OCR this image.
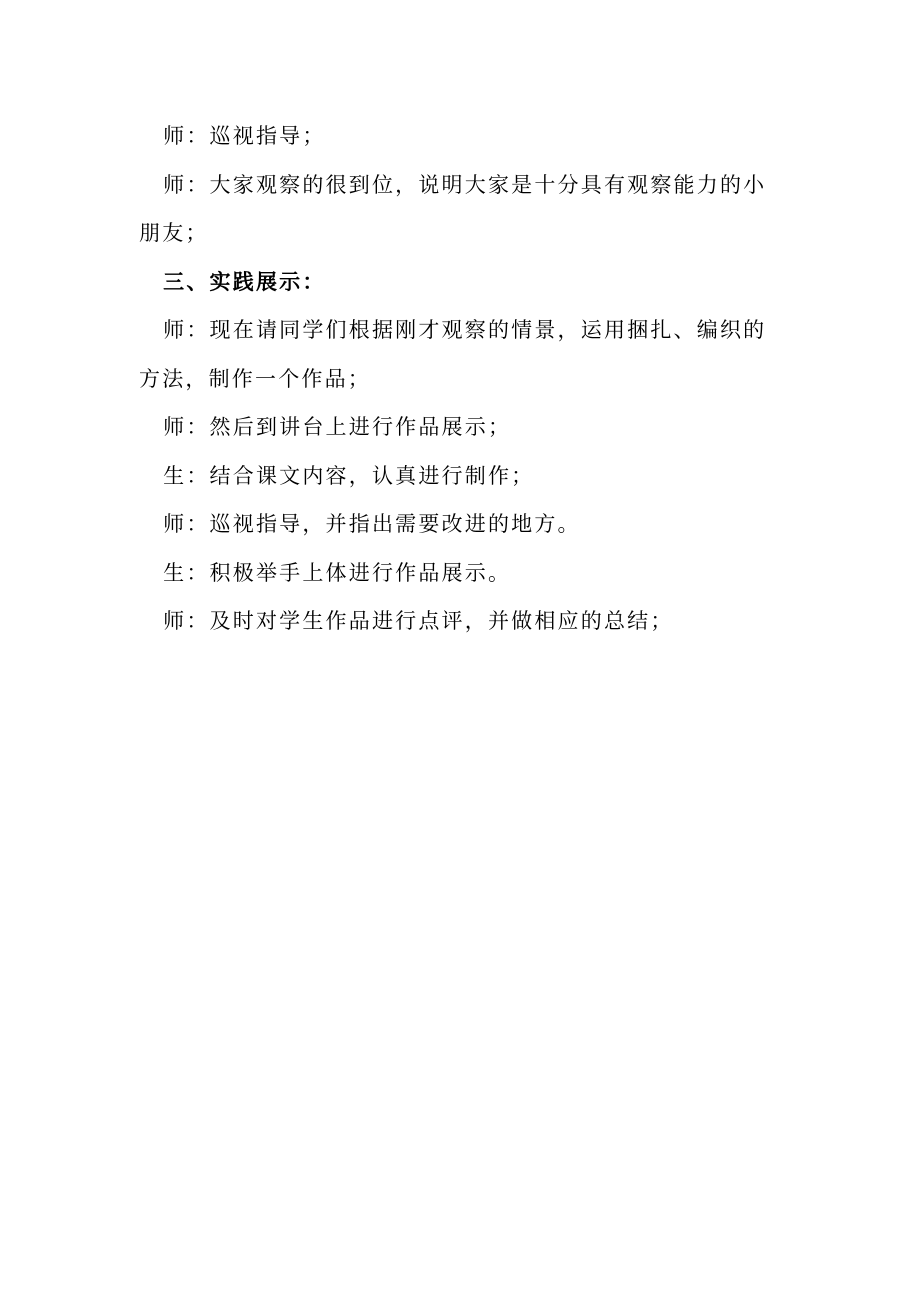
师：巡视指导；

师：大家观察的很到位，说明大家是十分具有观察能力的小朋友；

三、实践展示：

师：现在请同学们根据刚才观察的情景，运用捆扎、编织的方法，制作一个作品；

师：然后到讲台上进行作品展示；

生：结合课文内容，认真进行制作；

师：巡视指导，并指出需要改进的地方。

生：积极举手上体进行作品展示。

师：及时对学生作品进行点评，并做相应的总结；
